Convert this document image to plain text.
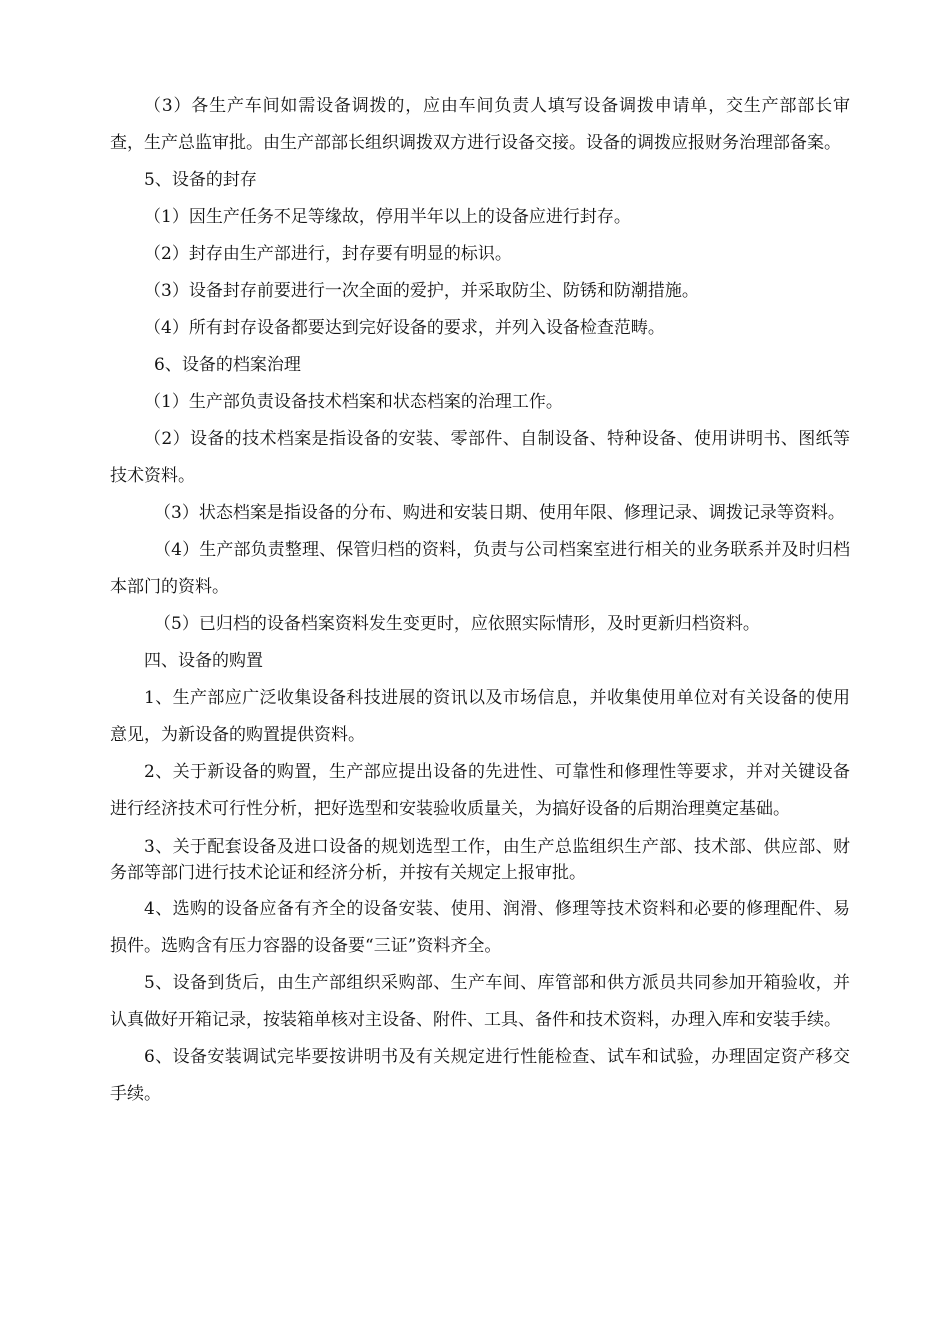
（3）各生产车间如需设备调拨的，应由车间负责人填写设备调拨申请单，交生产部部长审查，生产总监审批。由生产部部长组织调拨双方进行设备交接。设备的调拨应报财务治理部备案。

5、设备的封存

（1）因生产任务不足等缘故，停用半年以上的设备应进行封存。

（2）封存由生产部进行，封存要有明显的标识。

（3）设备封存前要进行一次全面的爱护，并采取防尘、防锈和防潮措施。

（4）所有封存设备都要达到完好设备的要求，并列入设备检查范畴。

6、设备的档案治理

（1）生产部负责设备技术档案和状态档案的治理工作。

（2）设备的技术档案是指设备的安装、零部件、自制设备、特种设备、使用讲明书、图纸等技术资料。

（3）状态档案是指设备的分布、购进和安装日期、使用年限、修理记录、调拨记录等资料。

（4）生产部负责整理、保管归档的资料，负责与公司档案室进行相关的业务联系并及时归档本部门的资料。

（5）已归档的设备档案资料发生变更时，应依照实际情形，及时更新归档资料。

四、设备的购置

1、生产部应广泛收集设备科技进展的资讯以及市场信息，并收集使用单位对有关设备的使用意见，为新设备的购置提供资料。

2、关于新设备的购置，生产部应提出设备的先进性、可靠性和修理性等要求，并对关键设备进行经济技术可行性分析，把好选型和安装验收质量关，为搞好设备的后期治理奠定基础。

3、关于配套设备及进口设备的规划选型工作，由生产总监组织生产部、技术部、供应部、财务部等部门进行技术论证和经济分析，并按有关规定上报审批。

4、选购的设备应备有齐全的设备安装、使用、润滑、修理等技术资料和必要的修理配件、易损件。选购含有压力容器的设备要“三证”资料齐全。

5、设备到货后，由生产部组织采购部、生产车间、库管部和供方派员共同参加开箱验收，并认真做好开箱记录，按装箱单核对主设备、附件、工具、备件和技术资料，办理入库和安装手续。

6、设备安装调试完毕要按讲明书及有关规定进行性能检查、试车和试验，办理固定资产移交手续。
